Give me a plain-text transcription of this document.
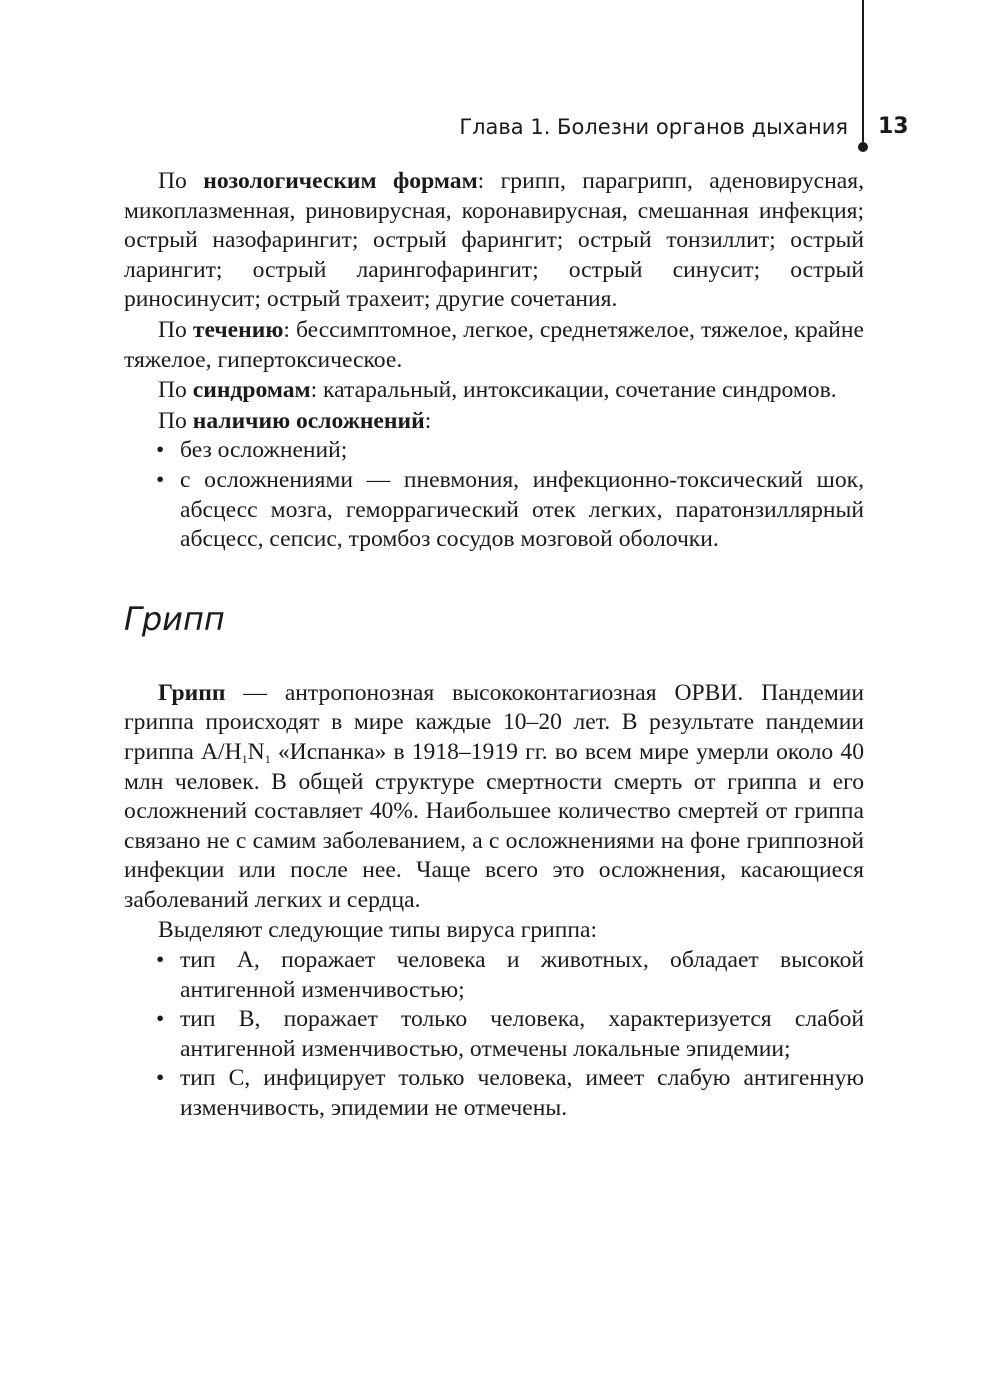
Глава 1. Болезни органов дыхания 13

По нозологическим формам: грипп, парагрипп, аденовирусная, микоплазменная, риновирусная, коронавирусная, смешанная инфекция; острый назофарингит; острый фарингит; острый тонзиллит; острый ларингит; острый ларингофарингит; острый синусит; острый риносинусит; острый трахеит; другие сочетания.

По течению: бессимптомное, легкое, среднетяжелое, тяжелое, крайне тяжелое, гипертоксическое.

По синдромам: катаральный, интоксикации, сочетание синдромов.

По наличию осложнений:

• без осложнений;
• с осложнениями — пневмония, инфекционно-токсический шок, абсцесс мозга, геморрагический отек легких, паратонзиллярный абсцесс, сепсис, тромбоз сосудов мозговой оболочки.
Грипп

Грипп — антропонозная высококонтагиозная ОРВИ. Пандемии гриппа происходят в мире каждые 10–20 лет. В результате пандемии гриппа $А/H_1N_1$ «Испанка» в 1918–1919 гг. во всем мире умерли около 40 млн человек. В общей структуре смертности смерть от гриппа и его осложнений составляет 40%. Наибольшее количество смертей от гриппа связано не с самим заболеванием, а с осложнениями на фоне гриппозной инфекции или после нее. Чаще всего это осложнения, касающиеся заболеваний легких и сердца.

Выделяют следующие типы вируса гриппа:

• тип А, поражает человека и животных, обладает высокой антигенной изменчивостью;
• тип В, поражает только человека, характеризуется слабой антигенной изменчивостью, отмечены локальные эпидемии;
• тип С, инфицирует только человека, имеет слабую антигенную изменчивость, эпидемии не отмечены.
